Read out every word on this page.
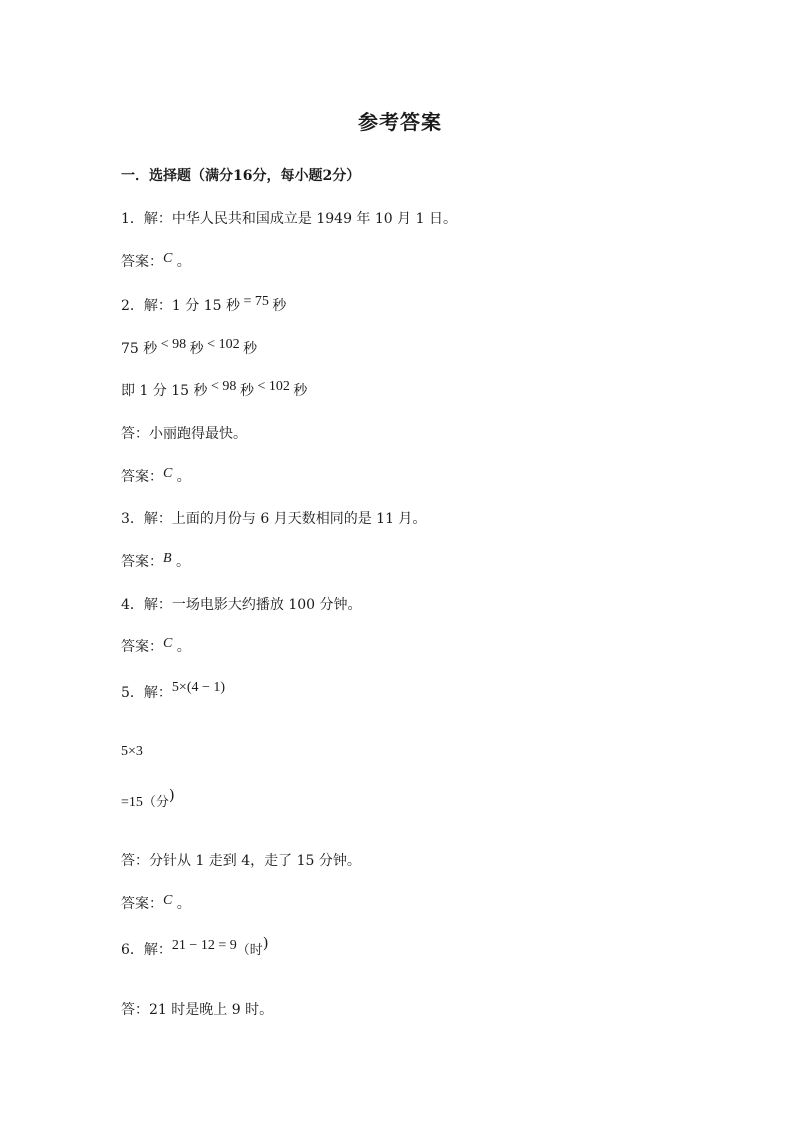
参考答案
一．选择题（满分16分，每小题2分）
1．解：中华人民共和国成立是 1949 年 10 月 1 日。
答案：C 。
2．解：1 分 15 秒 = 75 秒
75 秒 < 98 秒 < 102 秒
即 1 分 15 秒 < 98 秒 < 102 秒
答：小丽跑得最快。
答案：C 。
3．解：上面的月份与 6 月天数相同的是 11 月。
答案：B 。
4．解：一场电影大约播放 100 分钟。
答案：C 。
5．解：5×(4 − 1)
5×3
=15（分)
答：分针从 1 走到 4，走了 15 分钟。
答案：C 。
6．解：21 − 12 = 9（时)
答：21 时是晚上 9 时。
